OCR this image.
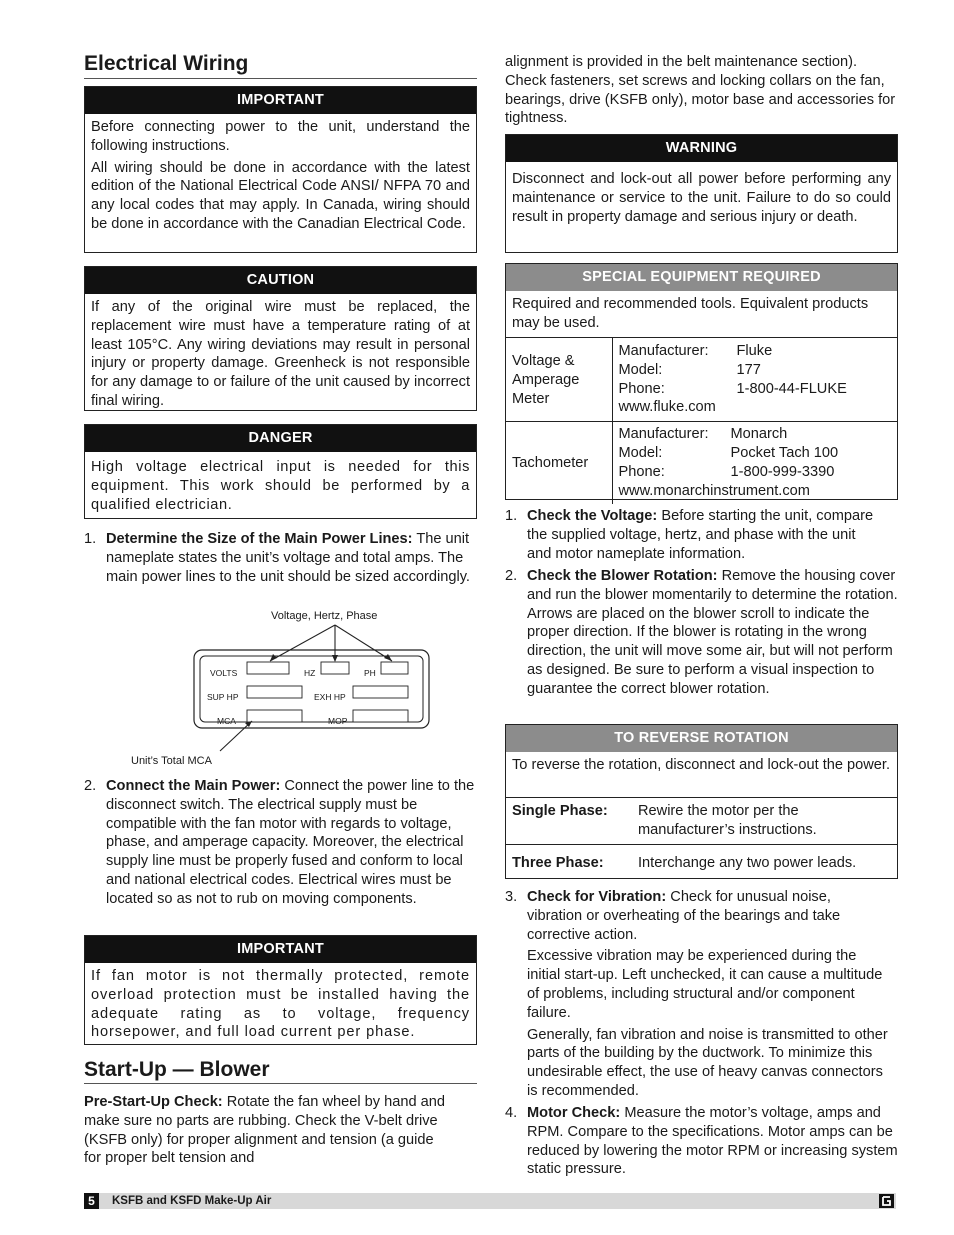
Electrical Wiring
IMPORTANT

Before connecting power to the unit, understand the following instructions.

All wiring should be done in accordance with the latest edition of the National Electrical Code ANSI/ NFPA 70 and any local codes that may apply. In Canada, wiring should be done in accordance with the Canadian Electrical Code.

CAUTION

If any of the original wire must be replaced, the replacement wire must have a temperature rating of at least 105°C. Any wiring deviations may result in personal injury or property damage. Greenheck is not responsible for any damage to or failure of the unit caused by incorrect final wiring.

DANGER

High voltage electrical input is needed for this equipment. This work should be performed by a qualified electrician.

1. Determine the Size of the Main Power Lines: The unit nameplate states the unit’s voltage and total amps. The main power lines to the unit should be sized accordingly.
Voltage, Hertz, Phase
VOLTS	HZ	PH
SUP HP	EXH HP
MCA	MOP
Unit’s Total MCA
2. Connect the Main Power: Connect the power line to the disconnect switch. The electrical supply must be compatible with the fan motor with regards to voltage, phase, and amperage capacity. Moreover, the electrical supply line must be properly fused and conform to local and national electrical codes. Electrical wires must be located so as not to rub on moving components.
IMPORTANT

If fan motor is not thermally protected, remote overload protection must be installed having the adequate rating as to voltage, frequency horsepower, and full load current per phase.

Start-Up — Blower
Pre-Start-Up Check: Rotate the fan wheel by hand and make sure no parts are rubbing. Check the V-belt drive (KSFB only) for proper alignment and tension (a guide for proper belt tension and
alignment is provided in the belt maintenance section). Check fasteners, set screws and locking collars on the fan, bearings, drive (KSFB only), motor base and accessories for tightness.
WARNING

Disconnect and lock-out all power before performing any maintenance or service to the unit. Failure to do so could result in property damage and serious injury or death.

SPECIAL EQUIPMENT REQUIRED
Required and recommended tools. Equivalent products may be used.
Voltage & Amperage Meter	Manufacturer: Fluke
Model: 177
Phone: 1-800-44-FLUKE
www.fluke.com

Tachometer	Manufacturer: Monarch
Model: Pocket Tach 100
Phone: 1-800-999-3390
www.monarchinstrument.com
1. Check the Voltage: Before starting the unit, compare the supplied voltage, hertz, and phase with the unit and motor nameplate information.
2. Check the Blower Rotation: Remove the housing cover and run the blower momentarily to determine the rotation. Arrows are placed on the blower scroll to indicate the proper direction. If the blower is rotating in the wrong direction, the unit will move some air, but will not perform as designed. Be sure to perform a visual inspection to guarantee the correct blower rotation.
TO REVERSE ROTATION
To reverse the rotation, disconnect and lock-out the power.
Single Phase:	Rewire the motor per the manufacturer’s instructions.
Three Phase:	Interchange any two power leads.
3. Check for Vibration: Check for unusual noise, vibration or overheating of the bearings and take corrective action.

Excessive vibration may be experienced during the initial start-up. Left unchecked, it can cause a multitude of problems, including structural and/or component failure.

Generally, fan vibration and noise is transmitted to other parts of the building by the ductwork. To minimize this undesirable effect, the use of heavy canvas connectors is recommended.

4. Motor Check: Measure the motor’s voltage, amps and RPM. Compare to the specifications. Motor amps can be reduced by lowering the motor RPM or increasing system static pressure.
5	KSFB and KSFD Make-Up Air
